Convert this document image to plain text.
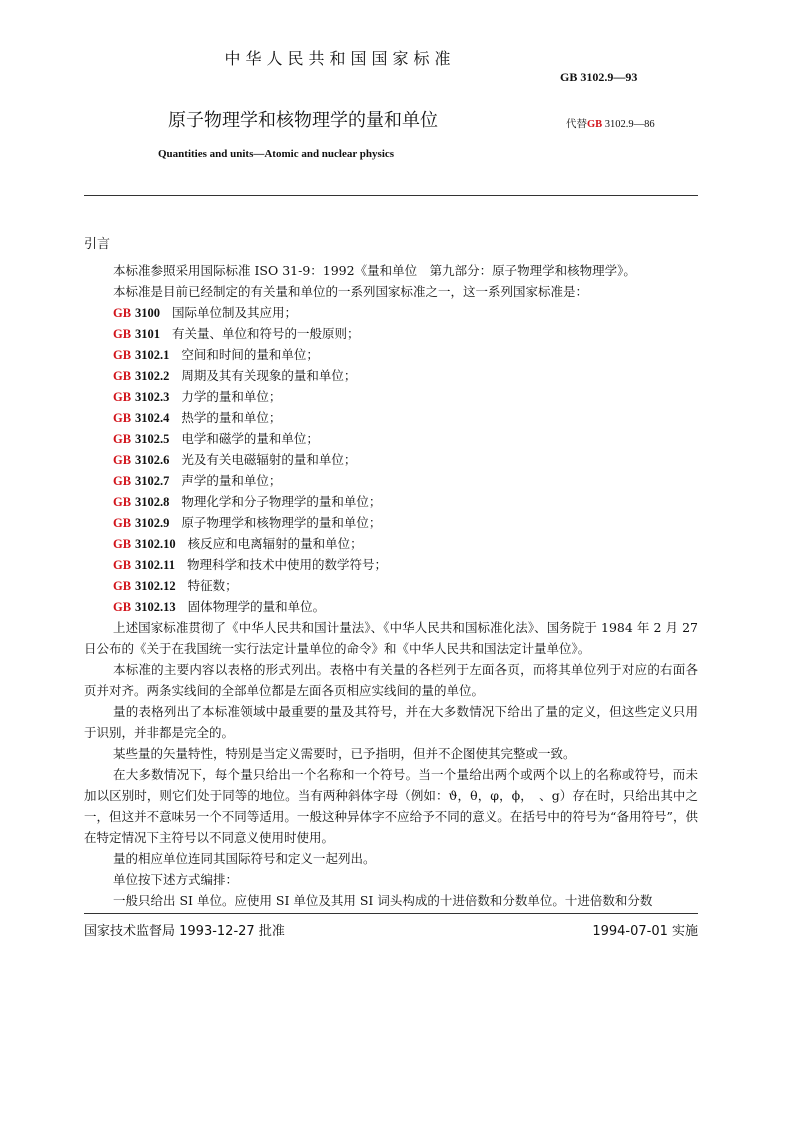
中华人民共和国国家标准
GB 3102.9—93
原子物理学和核物理学的量和单位	代替GB 3102.9—86
Quantities and units—Atomic and nuclear physics
引言

本标准参照采用国际标准 ISO 31-9：1992《量和单位　第九部分：原子物理学和核物理学》。

本标准是目前已经制定的有关量和单位的一系列国家标准之一，这一系列国家标准是：

GB 3100 国际单位制及其应用；
GB 3101 有关量、单位和符号的一般原则；
GB 3102.1 空间和时间的量和单位；
GB 3102.2 周期及其有关现象的量和单位；
GB 3102.3 力学的量和单位；
GB 3102.4 热学的量和单位；
GB 3102.5 电学和磁学的量和单位；
GB 3102.6 光及有关电磁辐射的量和单位；
GB 3102.7 声学的量和单位；
GB 3102.8 物理化学和分子物理学的量和单位；
GB 3102.9 原子物理学和核物理学的量和单位；
GB 3102.10 核反应和电离辐射的量和单位；
GB 3102.11 物理科学和技术中使用的数学符号；
GB 3102.12 特征数；
GB 3102.13 固体物理学的量和单位。

上述国家标准贯彻了《中华人民共和国计量法》、《中华人民共和国标准化法》、国务院于 1984 年 2 月 27 日公布的《关于在我国统一实行法定计量单位的命令》和《中华人民共和国法定计量单位》。

本标准的主要内容以表格的形式列出。表格中有关量的各栏列于左面各页，而将其单位列于对应的右面各页并对齐。两条实线间的全部单位都是左面各页相应实线间的量的单位。

量的表格列出了本标准领域中最重要的量及其符号，并在大多数情况下给出了量的定义，但这些定义只用于识别，并非都是完全的。

某些量的矢量特性，特别是当定义需要时，已予指明，但并不企图使其完整或一致。

在大多数情况下，每个量只给出一个名称和一个符号。当一个量给出两个或两个以上的名称或符号，而未加以区别时，则它们处于同等的地位。当有两种斜体字母（例如：ϑ，θ，φ，ϕ，　、g）存在时，只给出其中之一，但这并不意味另一个不同等适用。一般这种异体字不应给予不同的意义。在括号中的符号为“备用符号”，供在特定情况下主符号以不同意义使用时使用。

量的相应单位连同其国际符号和定义一起列出。

单位按下述方式编排：

一般只给出 SI 单位。应使用 SI 单位及其用 SI 词头构成的十进倍数和分数单位。十进倍数和分数

国家技术监督局 1993-12-27 批准	1994-07-01 实施
